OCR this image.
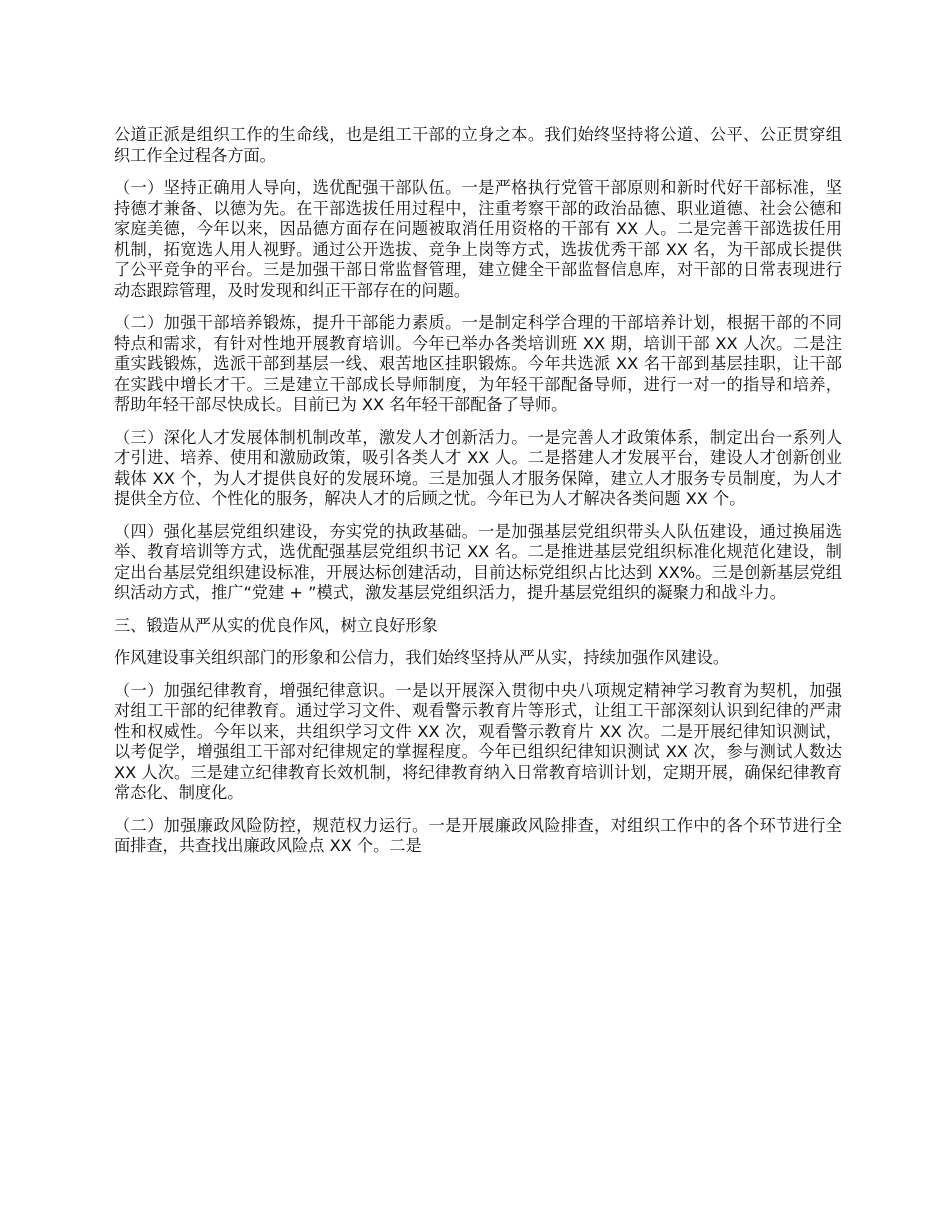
公道正派是组织工作的生命线，也是组工干部的立身之本。我们始终坚持将公道、公平、公正贯穿组织工作全过程各方面。

（一）坚持正确用人导向，选优配强干部队伍。一是严格执行党管干部原则和新时代好干部标准，坚持德才兼备、以德为先。在干部选拔任用过程中，注重考察干部的政治品德、职业道德、社会公德和家庭美德，今年以来，因品德方面存在问题被取消任用资格的干部有 XX 人。二是完善干部选拔任用机制，拓宽选人用人视野。通过公开选拔、竞争上岗等方式，选拔优秀干部 XX 名，为干部成长提供了公平竞争的平台。三是加强干部日常监督管理，建立健全干部监督信息库，对干部的日常表现进行动态跟踪管理，及时发现和纠正干部存在的问题。

（二）加强干部培养锻炼，提升干部能力素质。一是制定科学合理的干部培养计划，根据干部的不同特点和需求，有针对性地开展教育培训。今年已举办各类培训班 XX 期，培训干部 XX 人次。二是注重实践锻炼，选派干部到基层一线、艰苦地区挂职锻炼。今年共选派 XX 名干部到基层挂职，让干部在实践中增长才干。三是建立干部成长导师制度，为年轻干部配备导师，进行一对一的指导和培养，帮助年轻干部尽快成长。目前已为 XX 名年轻干部配备了导师。

（三）深化人才发展体制机制改革，激发人才创新活力。一是完善人才政策体系，制定出台一系列人才引进、培养、使用和激励政策，吸引各类人才 XX 人。二是搭建人才发展平台，建设人才创新创业载体 XX 个，为人才提供良好的发展环境。三是加强人才服务保障，建立人才服务专员制度，为人才提供全方位、个性化的服务，解决人才的后顾之忧。今年已为人才解决各类问题 XX 个。

（四）强化基层党组织建设，夯实党的执政基础。一是加强基层党组织带头人队伍建设，通过换届选举、教育培训等方式，选优配强基层党组织书记 XX 名。二是推进基层党组织标准化规范化建设，制定出台基层党组织建设标准，开展达标创建活动，目前达标党组织占比达到 XX%。三是创新基层党组织活动方式，推广“党建 + ”模式，激发基层党组织活力，提升基层党组织的凝聚力和战斗力。

三、锻造从严从实的优良作风，树立良好形象

作风建设事关组织部门的形象和公信力，我们始终坚持从严从实，持续加强作风建设。

（一）加强纪律教育，增强纪律意识。一是以开展深入贯彻中央八项规定精神学习教育为契机，加强对组工干部的纪律教育。通过学习文件、观看警示教育片等形式，让组工干部深刻认识到纪律的严肃性和权威性。今年以来，共组织学习文件 XX 次，观看警示教育片 XX 次。二是开展纪律知识测试，以考促学，增强组工干部对纪律规定的掌握程度。今年已组织纪律知识测试 XX 次，参与测试人数达 XX 人次。三是建立纪律教育长效机制，将纪律教育纳入日常教育培训计划，定期开展，确保纪律教育常态化、制度化。

（二）加强廉政风险防控，规范权力运行。一是开展廉政风险排查，对组织工作中的各个环节进行全面排查，共查找出廉政风险点 XX 个。二是
